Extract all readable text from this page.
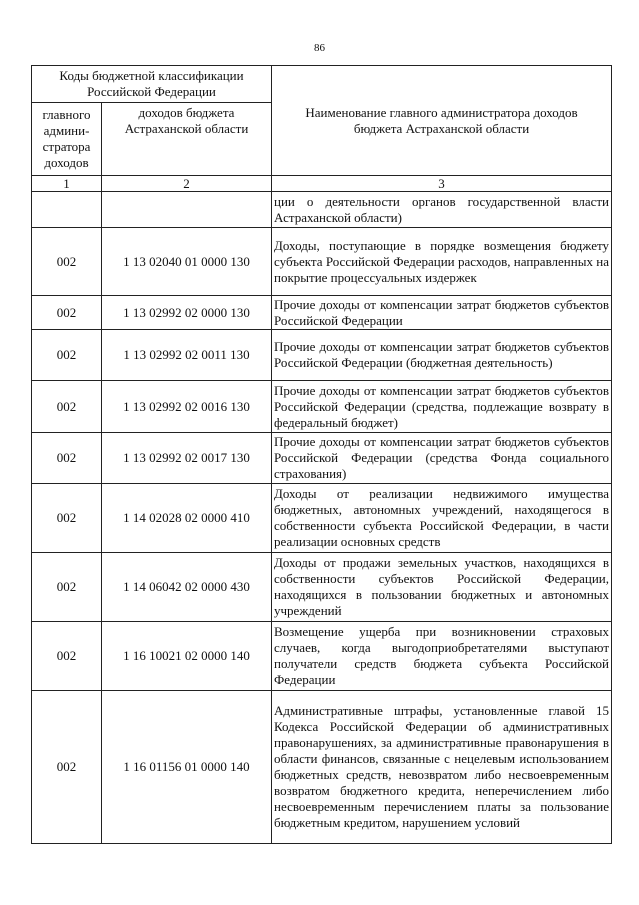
86
Коды бюджетной классификации Российской Федерации		Наименование главного администратора доходов бюджета Астраханской области
главного админи-стратора доходов	доходов бюджета Астраханской области	
1	2	3
		ции о деятельности органов государственной власти Астраханской области)
002	1 13 02040 01 0000 130	Доходы, поступающие в порядке возмещения бюджету субъекта Российской Федерации расходов, направленных на покрытие процессуальных издержек
002	1 13 02992 02 0000 130	Прочие доходы от компенсации затрат бюджетов субъектов Российской Федерации
002	1 13 02992 02 0011 130	Прочие доходы от компенсации затрат бюджетов субъектов Российской Федерации (бюджетная деятельность)
002	1 13 02992 02 0016 130	Прочие доходы от компенсации затрат бюджетов субъектов Российской Федерации (средства, подлежащие возврату в федеральный бюджет)
002	1 13 02992 02 0017 130	Прочие доходы от компенсации затрат бюджетов субъектов Российской Федерации (средства Фонда социального страхования)
002	1 14 02028 02 0000 410	Доходы от реализации недвижимого имущества бюджетных, автономных учреждений, находящегося в собственности субъекта Российской Федерации, в части реализации основных средств
002	1 14 06042 02 0000 430	Доходы от продажи земельных участков, находящихся в собственности субъектов Российской Федерации, находящихся в пользовании бюджетных и автономных учреждений
002	1 16 10021 02 0000 140	Возмещение ущерба при возникновении страховых случаев, когда выгодоприобретателями выступают получатели средств бюджета субъекта Российской Федерации
002	1 16 01156 01 0000 140	Административные штрафы, установленные главой 15 Кодекса Российской Федерации об административных правонарушениях, за административные правонарушения в области финансов, связанные с нецелевым использованием бюджетных средств, невозвратом либо несвоевременным возвратом бюджетного кредита, неперечислением либо несвоевременным перечислением платы за пользование бюджетным кредитом, нарушением условий
